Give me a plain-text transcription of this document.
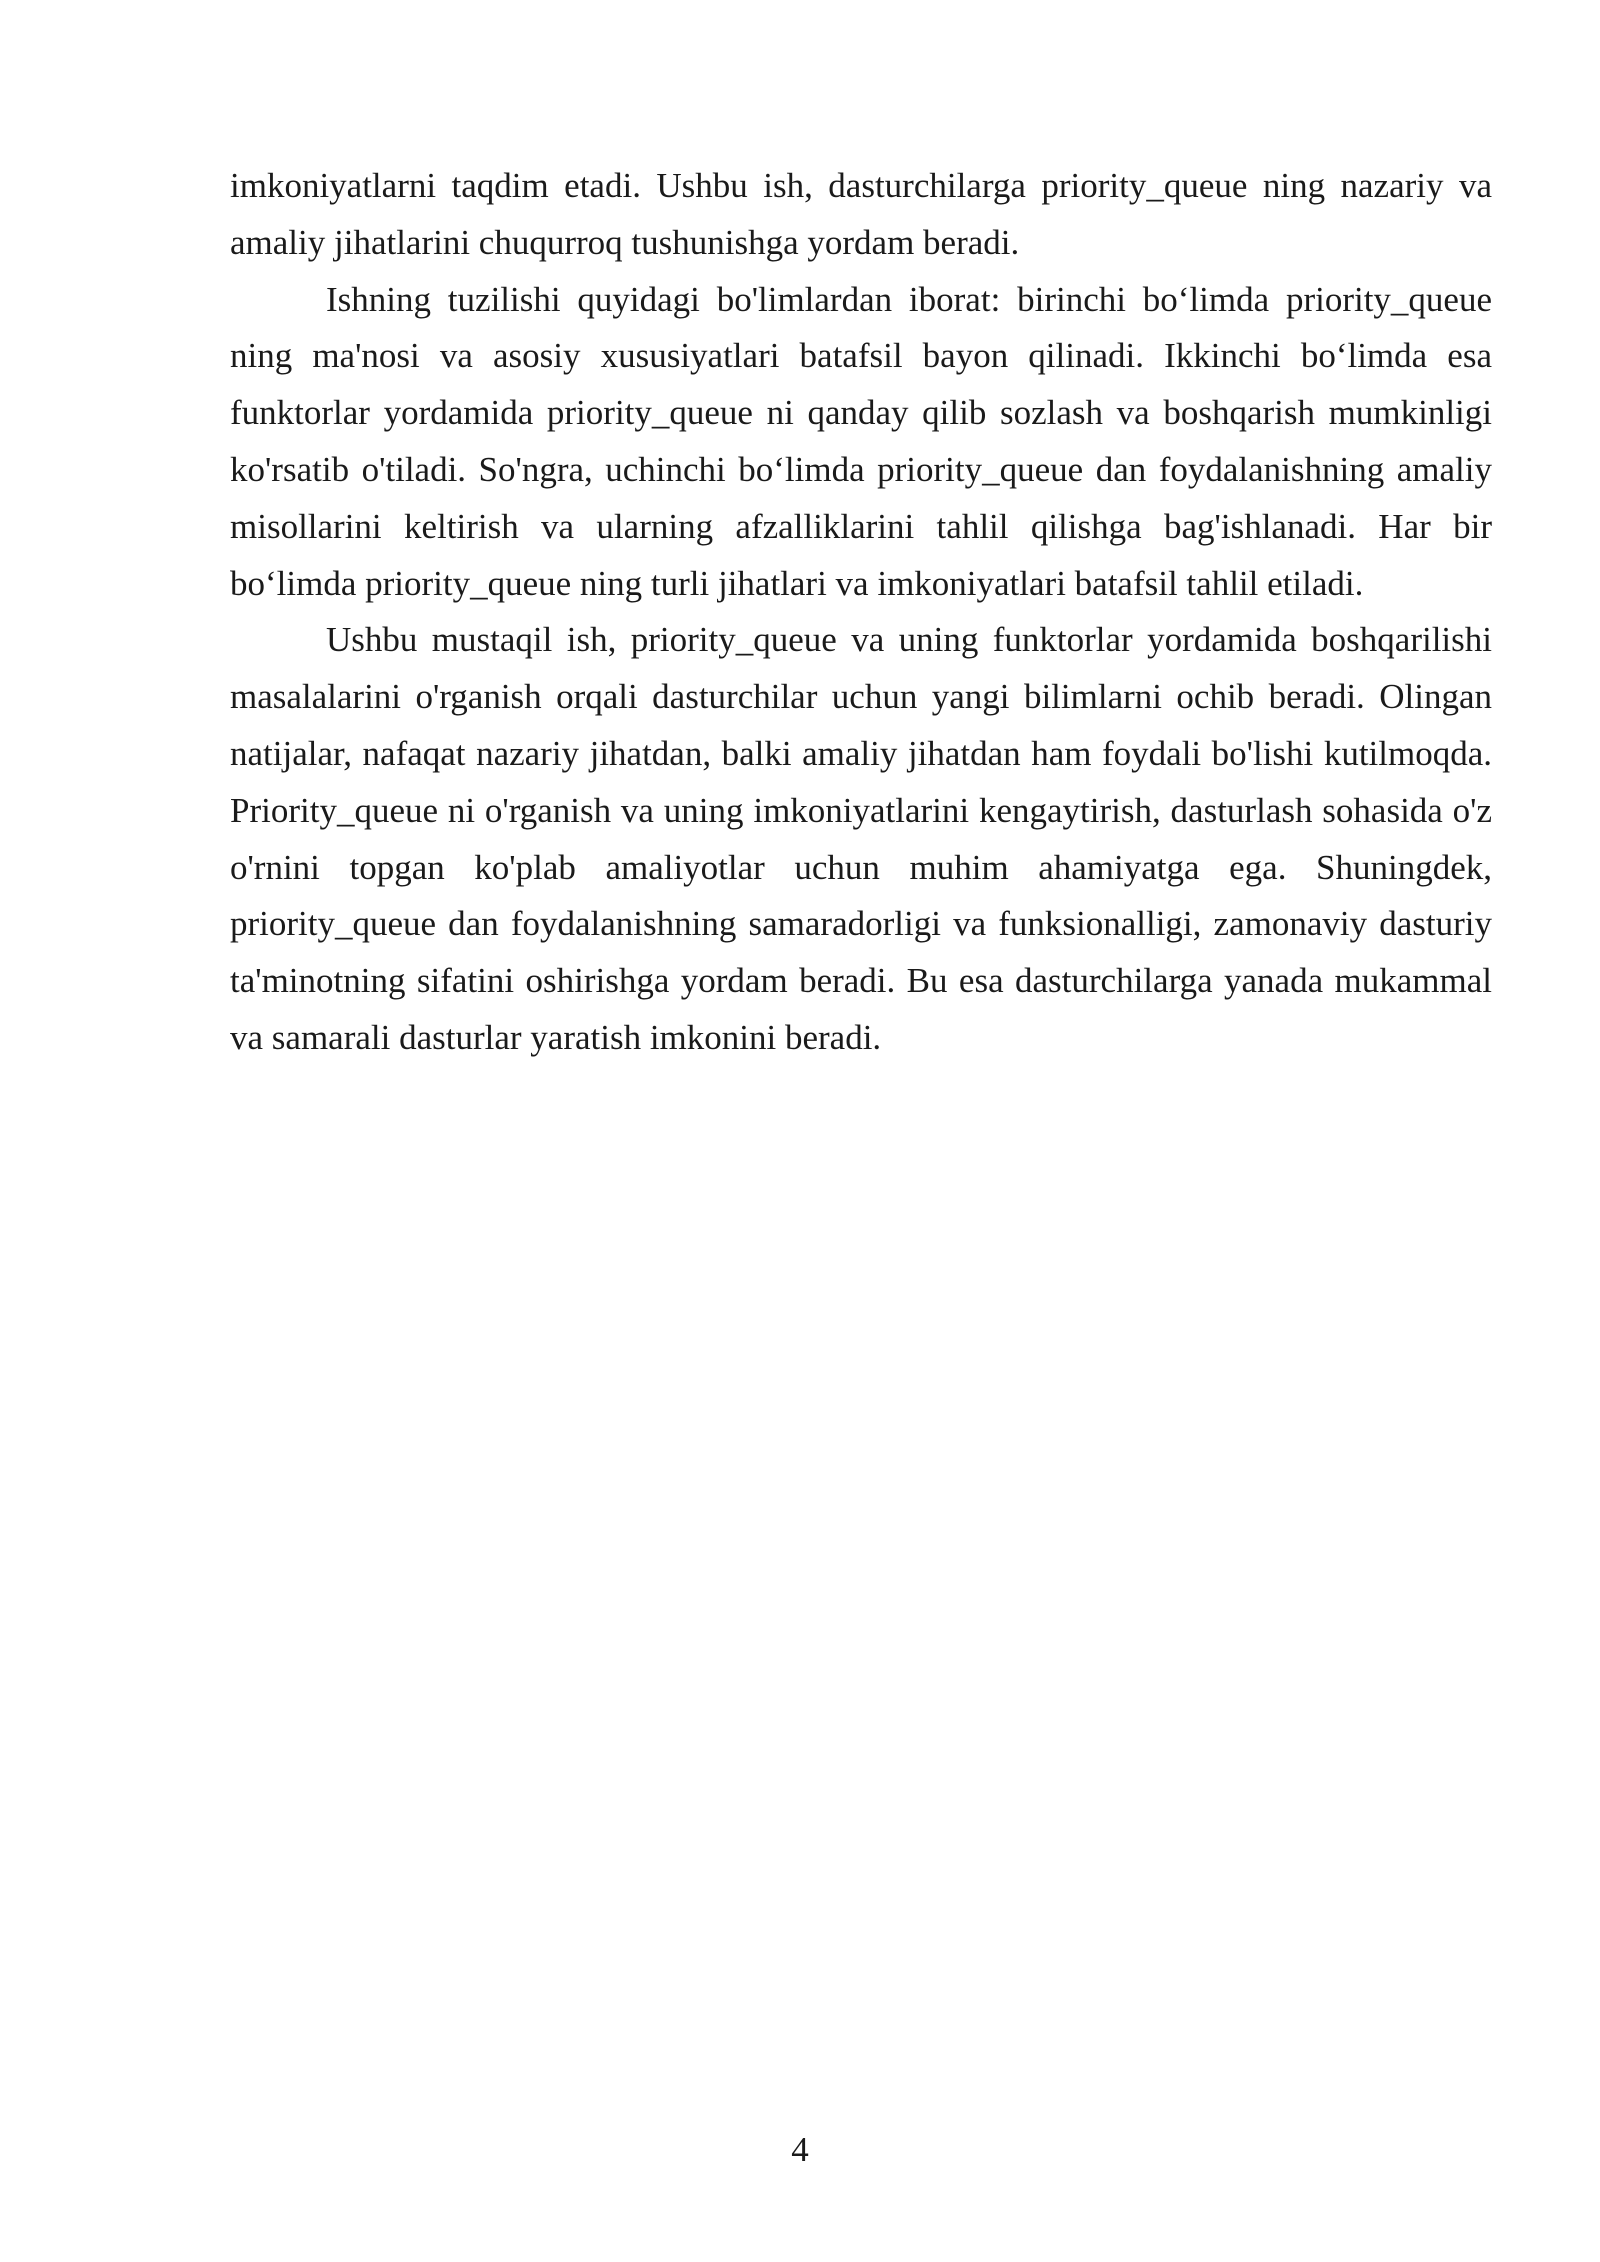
imkoniyatlarni taqdim etadi. Ushbu ish, dasturchilarga priority_queue ning nazariy va amaliy jihatlarini chuqurroq tushunishga yordam beradi.

Ishning tuzilishi quyidagi bo'limlardan iborat: birinchi bo‘limda priority_queue ning ma'nosi va asosiy xususiyatlari batafsil bayon qilinadi. Ikkinchi bo‘limda esa funktorlar yordamida priority_queue ni qanday qilib sozlash va boshqarish mumkinligi ko'rsatib o'tiladi. So'ngra, uchinchi bo‘limda priority_queue dan foydalanishning amaliy misollarini keltirish va ularning afzalliklarini tahlil qilishga bag'ishlanadi. Har bir bo‘limda priority_queue ning turli jihatlari va imkoniyatlari batafsil tahlil etiladi.

Ushbu mustaqil ish, priority_queue va uning funktorlar yordamida boshqarilishi masalalarini o'rganish orqali dasturchilar uchun yangi bilimlarni ochib beradi. Olingan natijalar, nafaqat nazariy jihatdan, balki amaliy jihatdan ham foydali bo'lishi kutilmoqda. Priority_queue ni o'rganish va uning imkoniyatlarini kengaytirish, dasturlash sohasida o'z o'rnini topgan ko'plab amaliyotlar uchun muhim ahamiyatga ega. Shuningdek, priority_queue dan foydalanishning samaradorligi va funksionalligi, zamonaviy dasturiy ta'minotning sifatini oshirishga yordam beradi. Bu esa dasturchilarga yanada mukammal va samarali dasturlar yaratish imkonini beradi.

4
